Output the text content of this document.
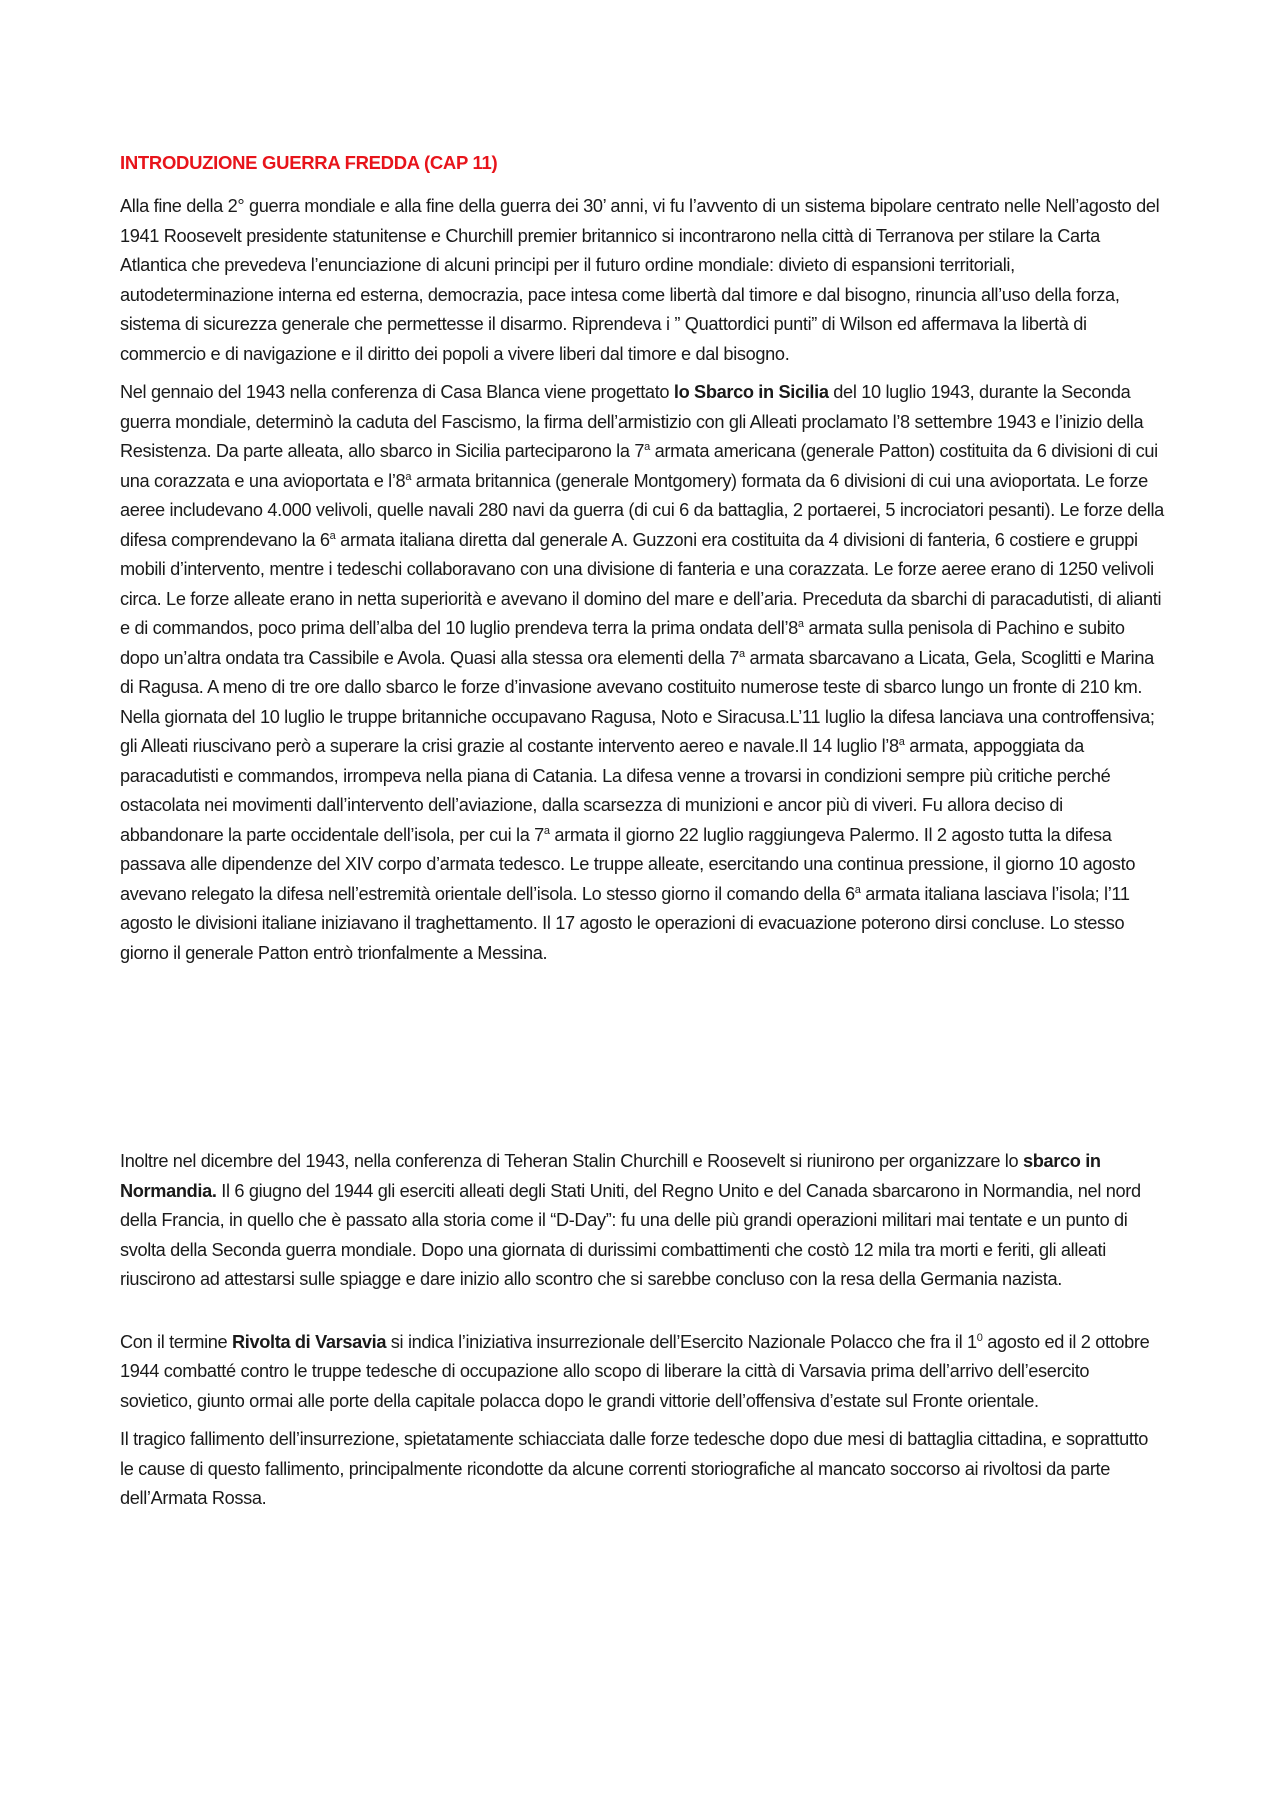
INTRODUZIONE GUERRA FREDDA (CAP 11)

Alla fine della 2° guerra mondiale e alla fine della guerra dei 30’ anni, vi fu l’avvento di un sistema bipolare centrato nelle Nell’agosto del 1941 Roosevelt presidente statunitense e Churchill premier britannico si incontrarono nella città di Terranova per stilare la Carta Atlantica che prevedeva l’enunciazione di alcuni principi per il futuro ordine mondiale: divieto di espansioni territoriali, autodeterminazione interna ed esterna, democrazia, pace intesa come libertà dal timore e dal bisogno, rinuncia all’uso della forza, sistema di sicurezza generale che permettesse il disarmo. Riprendeva i ” Quattordici punti” di Wilson ed affermava la libertà di commercio e di navigazione e il diritto dei popoli a vivere liberi dal timore e dal bisogno.

Nel gennaio del 1943 nella conferenza di Casa Blanca viene progettato lo Sbarco in Sicilia del 10 luglio 1943, durante la Seconda guerra mondiale, determinò la caduta del Fascismo, la firma dell’armistizio con gli Alleati proclamato l’8 settembre 1943 e l’inizio della Resistenza. Da parte alleata, allo sbarco in Sicilia parteciparono la 7$^a$ armata americana (generale Patton) costituita da 6 divisioni di cui una corazzata e una avioportata e l’8$^a$ armata britannica (generale Montgomery) formata da 6 divisioni di cui una avioportata. Le forze aeree includevano 4.000 velivoli, quelle navali 280 navi da guerra (di cui 6 da battaglia, 2 portaerei, 5 incrociatori pesanti). Le forze della difesa comprendevano la 6$^a$ armata italiana diretta dal generale A. Guzzoni era costituita da 4 divisioni di fanteria, 6 costiere e gruppi mobili d’intervento, mentre i tedeschi collaboravano con una divisione di fanteria e una corazzata. Le forze aeree erano di 1250 velivoli circa. Le forze alleate erano in netta superiorità e avevano il domino del mare e dell’aria. Preceduta da sbarchi di paracadutisti, di alianti e di commandos, poco prima dell’alba del 10 luglio prendeva terra la prima ondata dell’8$^a$ armata sulla penisola di Pachino e subito dopo un’altra ondata tra Cassibile e Avola. Quasi alla stessa ora elementi della 7$^a$ armata sbarcavano a Licata, Gela, Scoglitti e Marina di Ragusa. A meno di tre ore dallo sbarco le forze d’invasione avevano costituito numerose teste di sbarco lungo un fronte di 210 km. Nella giornata del 10 luglio le truppe britanniche occupavano Ragusa, Noto e Siracusa.L’11 luglio la difesa lanciava una controffensiva; gli Alleati riuscivano però a superare la crisi grazie al costante intervento aereo e navale.Il 14 luglio l’8$^a$ armata, appoggiata da paracadutisti e commandos, irrompeva nella piana di Catania. La difesa venne a trovarsi in condizioni sempre più critiche perché ostacolata nei movimenti dall’intervento dell’aviazione, dalla scarsezza di munizioni e ancor più di viveri. Fu allora deciso di abbandonare la parte occidentale dell’isola, per cui la 7$^a$ armata il giorno 22 luglio raggiungeva Palermo. Il 2 agosto tutta la difesa passava alle dipendenze del XIV corpo d’armata tedesco. Le truppe alleate, esercitando una continua pressione, il giorno 10 agosto avevano relegato la difesa nell’estremità orientale dell’isola. Lo stesso giorno il comando della 6$^a$ armata italiana lasciava l’isola; l’11 agosto le divisioni italiane iniziavano il traghettamento. Il 17 agosto le operazioni di evacuazione poterono dirsi concluse. Lo stesso giorno il generale Patton entrò trionfalmente a Messina.

Inoltre nel dicembre del 1943, nella conferenza di Teheran Stalin Churchill e Roosevelt si riunirono per organizzare lo sbarco in Normandia. Il 6 giugno del 1944 gli eserciti alleati degli Stati Uniti, del Regno Unito e del Canada sbarcarono in Normandia, nel nord della Francia, in quello che è passato alla storia come il “D-Day”: fu una delle più grandi operazioni militari mai tentate e un punto di svolta della Seconda guerra mondiale. Dopo una giornata di durissimi combattimenti che costò 12 mila tra morti e feriti, gli alleati riuscirono ad attestarsi sulle spiagge e dare inizio allo scontro che si sarebbe concluso con la resa della Germania nazista.

Con il termine Rivolta di Varsavia si indica l’iniziativa insurrezionale dell’Esercito Nazionale Polacco che fra il $1^0$ agosto ed il 2 ottobre 1944 combatté contro le truppe tedesche di occupazione allo scopo di liberare la città di Varsavia prima dell’arrivo dell’esercito sovietico, giunto ormai alle porte della capitale polacca dopo le grandi vittorie dell’offensiva d’estate sul Fronte orientale.

Il tragico fallimento dell’insurrezione, spietatamente schiacciata dalle forze tedesche dopo due mesi di battaglia cittadina, e soprattutto le cause di questo fallimento, principalmente ricondotte da alcune correnti storiografiche al mancato soccorso ai rivoltosi da parte dell’Armata Rossa.
